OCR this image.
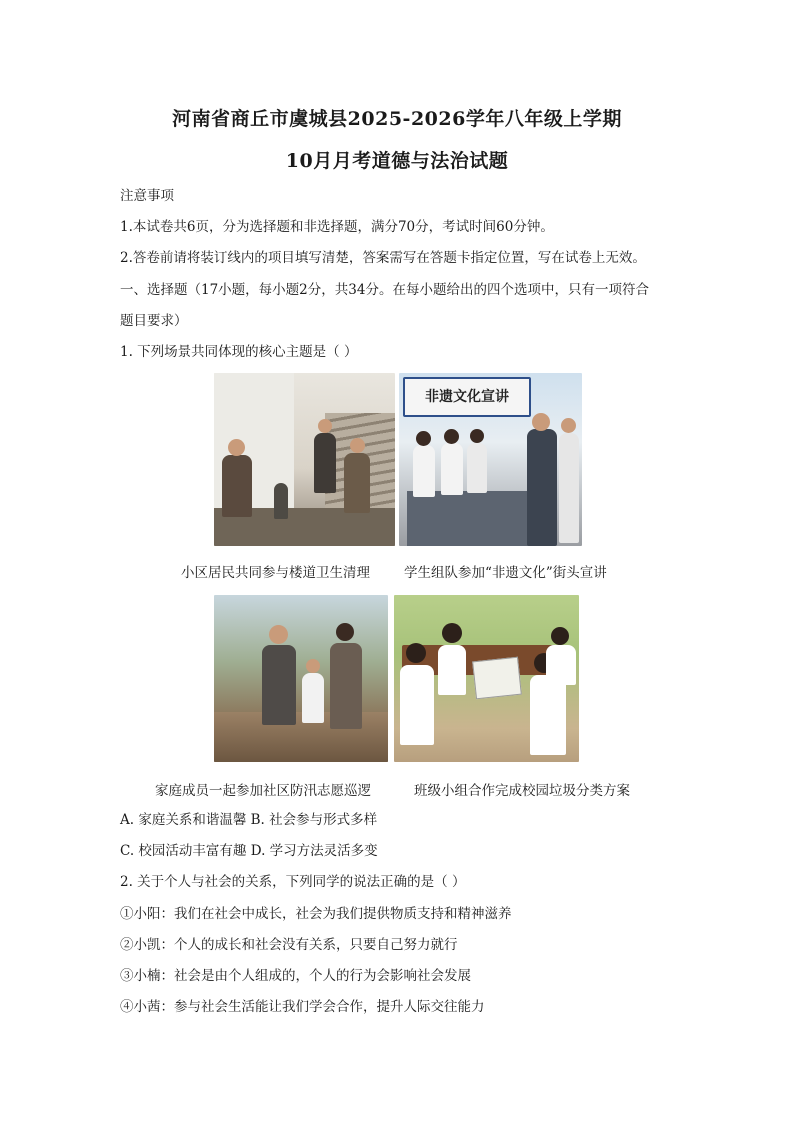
河南省商丘市虞城县2025-2026学年八年级上学期
10月月考道德与法治试题
注意事项
1.本试卷共6页，分为选择题和非选择题，满分70分，考试时间60分钟。
2.答卷前请将装订线内的项目填写清楚，答案需写在答题卡指定位置，写在试卷上无效。
一、选择题（17小题，每小题2分，共34分。在每小题给出的四个选项中，只有一项符合
题目要求）
1. 下列场景共同体现的核心主题是（ ）
非遗文化宣讲
小区居民共同参与楼道卫生清理	学生组队参加“非遗文化”街头宣讲
家庭成员一起参加社区防汛志愿巡逻	班级小组合作完成校园垃圾分类方案
A. 家庭关系和谐温馨 B. 社会参与形式多样
C. 校园活动丰富有趣 D. 学习方法灵活多变
2. 关于个人与社会的关系，下列同学的说法正确的是（ ）
①小阳：我们在社会中成长，社会为我们提供物质支持和精神滋养
②小凯：个人的成长和社会没有关系，只要自己努力就行
③小楠：社会是由个人组成的，个人的行为会影响社会发展
④小茜：参与社会生活能让我们学会合作，提升人际交往能力
